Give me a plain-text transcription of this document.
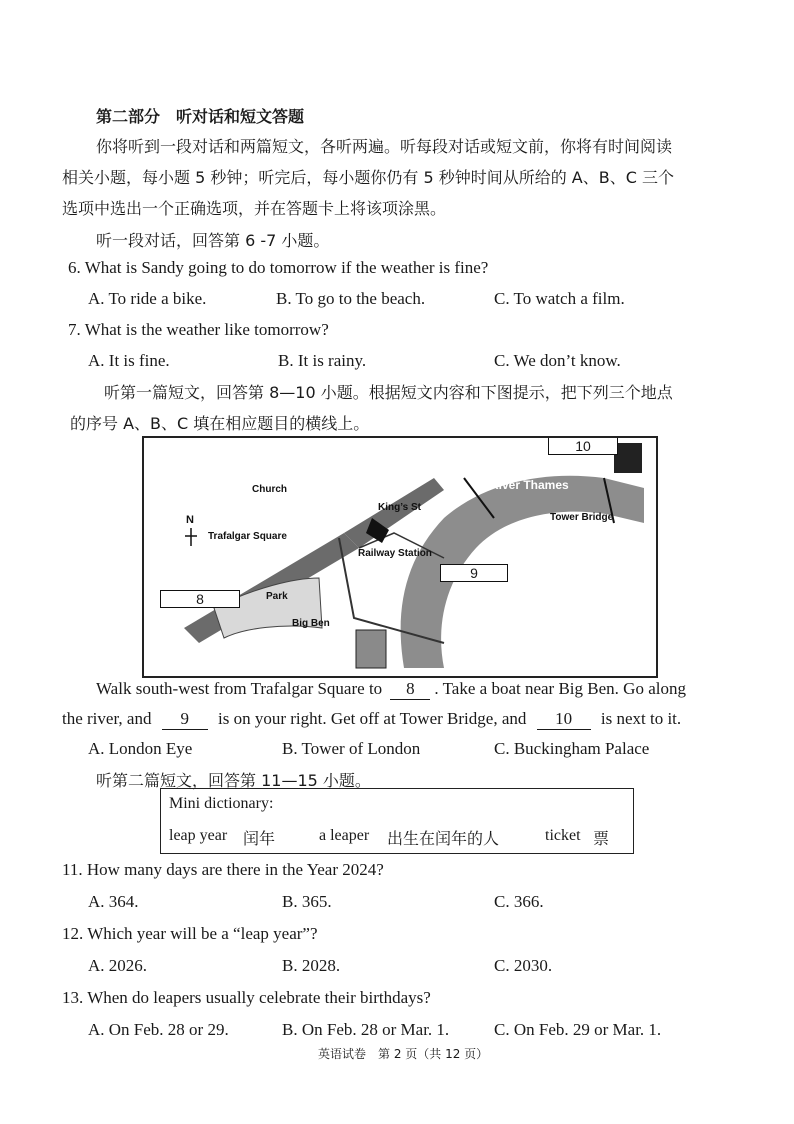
第二部分　听对话和短文答题
你将听到一段对话和两篇短文，各听两遍。听每段对话或短文前，你将有时间阅读
相关小题，每小题 5 秒钟；听完后，每小题你仍有 5 秒钟时间从所给的 A、B、C 三个
选项中选出一个正确选项，并在答题卡上将该项涂黑。
听一段对话，回答第 6 -7 小题。
6. What is Sandy going to do tomorrow if the weather is fine?
A. To ride a bike.	B. To go to the beach.	C. To watch a film.
7. What is the weather like tomorrow?
A. It is fine.	B. It is rainy.	C. We don’t know.
听第一篇短文，回答第 8—10 小题。根据短文内容和下图提示，把下列三个地点
的序号 A、B、C 填在相应题目的横线上。
Church
N
Trafalgar Square
King’s St
Railway Station
River Thames
Tower Bridge
Park
Big Ben
8
9
10
Walk south-west from Trafalgar Square to 8 . Take a boat near Big Ben. Go along
the river, and 9 is on your right. Get off at Tower Bridge, and 10 is next to it.
A. London Eye	B. Tower of London	C. Buckingham Palace
听第二篇短文，回答第 11—15 小题。
Mini dictionary:
leap year 闰年	a leaper 出生在闰年的人	ticket 票
11. How many days are there in the Year 2024?
A. 364.	B. 365.	C. 366.
12. Which year will be a “leap year”?
A. 2026.	B. 2028.	C. 2030.
13. When do leapers usually celebrate their birthdays?
A. On Feb. 28 or 29.	B. On Feb. 28 or Mar. 1.	C. On Feb. 29 or Mar. 1.
英语试卷　第 2 页（共 12 页）
